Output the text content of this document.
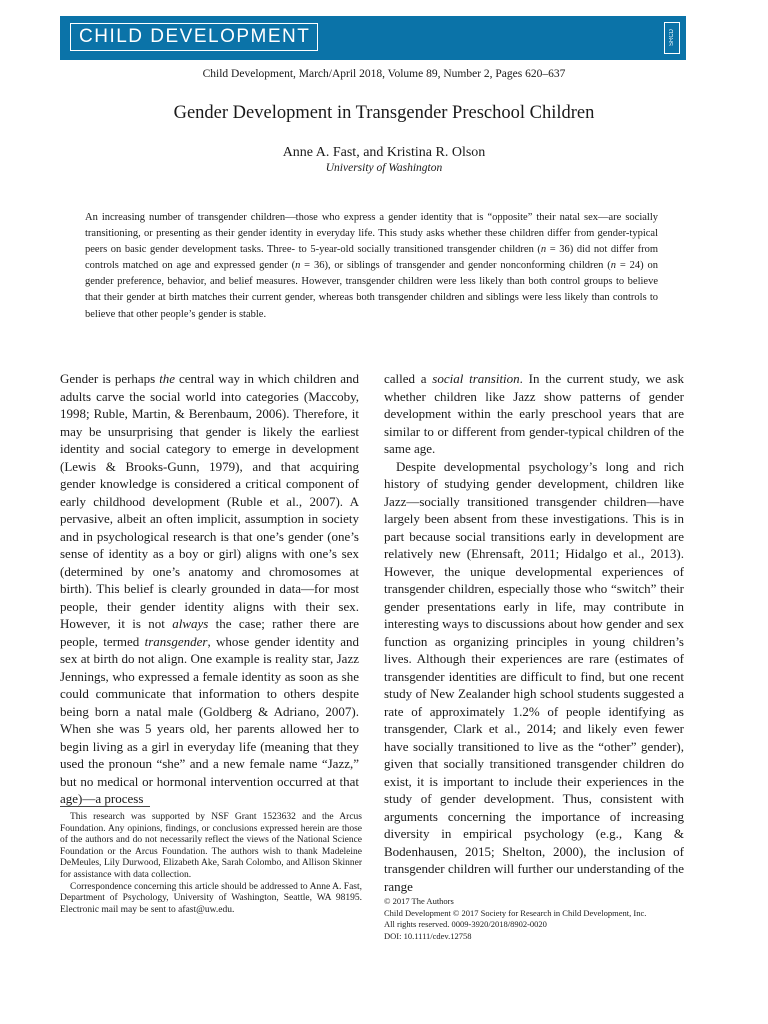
CHILD DEVELOPMENT	SRCD
Child Development, March/April 2018, Volume 89, Number 2, Pages 620–637
Gender Development in Transgender Preschool Children
Anne A. Fast, and Kristina R. Olson
University of Washington
An increasing number of transgender children—those who express a gender identity that is “opposite” their natal sex—are socially transitioning, or presenting as their gender identity in everyday life. This study asks whether these children differ from gender-typical peers on basic gender development tasks. Three- to 5-year-old socially transitioned transgender children (n = 36) did not differ from controls matched on age and expressed gender (n = 36), or siblings of transgender and gender nonconforming children (n = 24) on gender preference, behavior, and belief measures. However, transgender children were less likely than both control groups to believe that their gender at birth matches their current gender, whereas both transgender children and siblings were less likely than controls to believe that other people’s gender is stable.

Gender is perhaps the central way in which children and adults carve the social world into categories (Maccoby, 1998; Ruble, Martin, & Berenbaum, 2006). Therefore, it may be unsurprising that gender is likely the earliest identity and social category to emerge in development (Lewis & Brooks-Gunn, 1979), and that acquiring gender knowledge is considered a critical component of early childhood development (Ruble et al., 2007). A pervasive, albeit an often implicit, assumption in society and in psychological research is that one’s gender (one’s sense of identity as a boy or girl) aligns with one’s sex (determined by one’s anatomy and chromosomes at birth). This belief is clearly grounded in data—for most people, their gender identity aligns with their sex. However, it is not always the case; rather there are people, termed transgender, whose gender identity and sex at birth do not align. One example is reality star, Jazz Jennings, who expressed a female identity as soon as she could communicate that information to others despite being born a natal male (Goldberg & Adriano, 2007). When she was 5 years old, her parents allowed her to begin living as a girl in everyday life (meaning that they used the pronoun “she” and a new female name “Jazz,” but no medical or hormonal intervention occurred at that age)—a process

called a social transition. In the current study, we ask whether children like Jazz show patterns of gender development within the early preschool years that are similar to or different from gender-typical children of the same age.

Despite developmental psychology’s long and rich history of studying gender development, children like Jazz—socially transitioned transgender children—have largely been absent from these investigations. This is in part because social transitions early in development are relatively new (Ehrensaft, 2011; Hidalgo et al., 2013). However, the unique developmental experiences of transgender children, especially those who “switch” their gender presentations early in life, may contribute in interesting ways to discussions about how gender and sex function as organizing principles in young children’s lives. Although their experiences are rare (estimates of transgender identities are difficult to find, but one recent study of New Zealander high school students suggested a rate of approximately 1.2% of people identifying as transgender, Clark et al., 2014; and likely even fewer have socially transitioned to live as the “other” gender), given that socially transitioned transgender children do exist, it is important to include their experiences in the study of gender development. Thus, consistent with arguments concerning the importance of increasing diversity in empirical psychology (e.g., Kang & Bodenhausen, 2015; Shelton, 2000), the inclusion of transgender children will further our understanding of the range

This research was supported by NSF Grant 1523632 and the Arcus Foundation. Any opinions, findings, or conclusions expressed herein are those of the authors and do not necessarily reflect the views of the National Science Foundation or the Arcus Foundation. The authors wish to thank Madeleine DeMeules, Lily Durwood, Elizabeth Ake, Sarah Colombo, and Allison Skinner for assistance with data collection.

Correspondence concerning this article should be addressed to Anne A. Fast, Department of Psychology, University of Washington, Seattle, WA 98195. Electronic mail may be sent to afast@uw.edu.

© 2017 The Authors
Child Development © 2017 Society for Research in Child Development, Inc.
All rights reserved. 0009-3920/2018/8902-0020
DOI: 10.1111/cdev.12758
